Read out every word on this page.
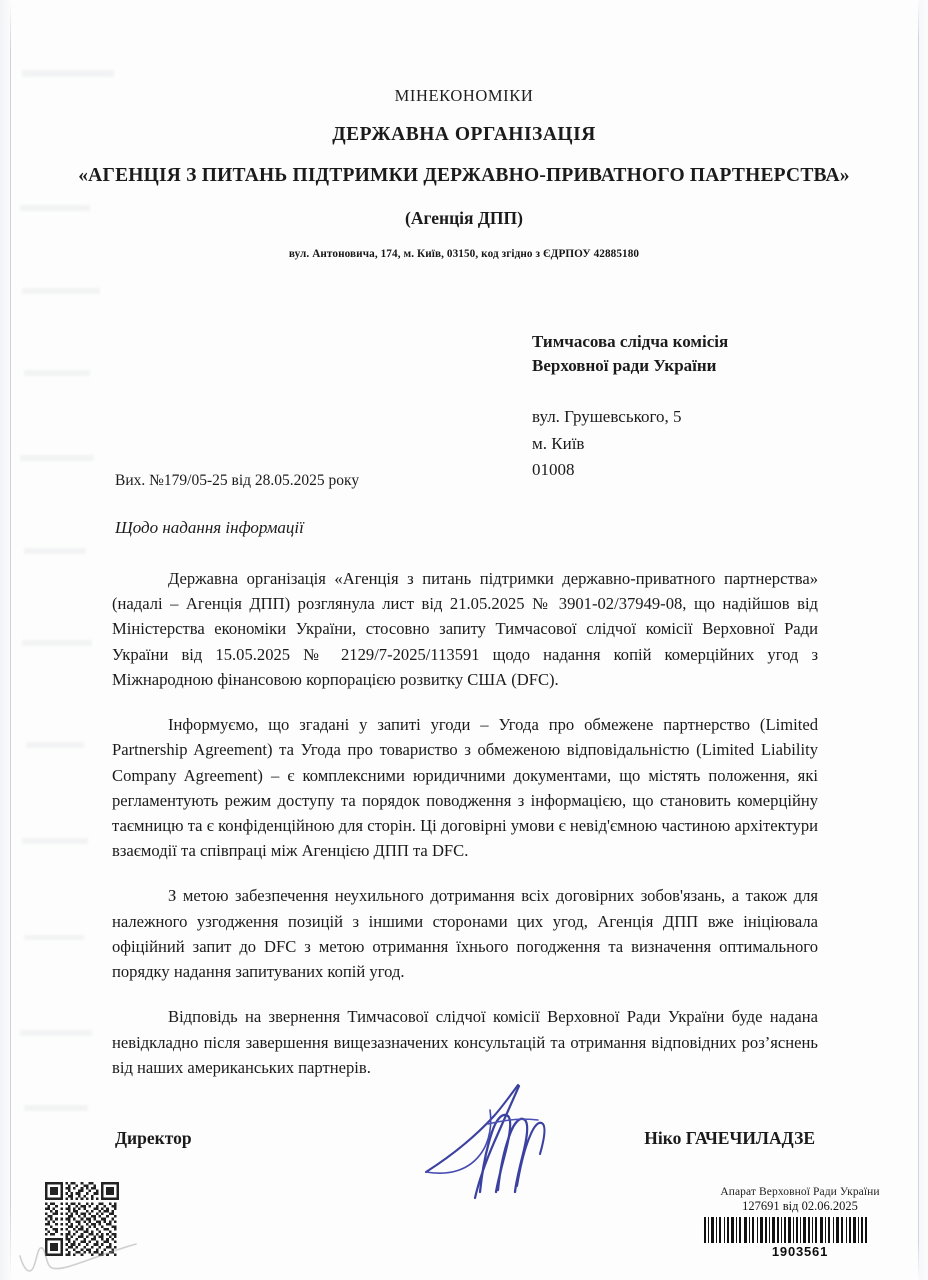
МІНЕКОНОМІКИ
ДЕРЖАВНА ОРГАНІЗАЦІЯ
«АГЕНЦІЯ З ПИТАНЬ ПІДТРИМКИ ДЕРЖАВНО-ПРИВАТНОГО ПАРТНЕРСТВА»
(Агенція ДПП)
вул. Антоновича, 174, м. Київ, 03150, код згідно з ЄДРПОУ 42885180
Тимчасова слідча комісія
Верховної ради України
вул. Грушевського, 5
м. Київ
01008
Вих. №179/05-25 від 28.05.2025 року
Щодо надання інформації

Державна організація «Агенція з питань підтримки державно-приватного партнерства» (надалі – Агенція ДПП) розглянула лист від 21.05.2025 № 3901-02/37949-08, що надійшов від Міністерства економіки України, стосовно запиту Тимчасової слідчої комісії Верховної Ради України від 15.05.2025 № 2129/7-2025/113591 щодо надання копій комерційних угод з Міжнародною фінансовою корпорацією розвитку США (DFC).

Інформуємо, що згадані у запиті угоди – Угода про обмежене партнерство (Limited Partnership Agreement) та Угода про товариство з обмеженою відповідальністю (Limited Liability Company Agreement) – є комплексними юридичними документами, що містять положення, які регламентують режим доступу та порядок поводження з інформацією, що становить комерційну таємницю та є конфіденційною для сторін. Ці договірні умови є невід'ємною частиною архітектури взаємодії та співпраці між Агенцією ДПП та DFC.

З метою забезпечення неухильного дотримання всіх договірних зобов'язань, а також для належного узгодження позицій з іншими сторонами цих угод, Агенція ДПП вже ініціювала офіційний запит до DFC з метою отримання їхнього погодження та визначення оптимального порядку надання запитуваних копій угод.

Відповідь на звернення Тимчасової слідчої комісії Верховної Ради України буде надана невідкладно після завершення вищезазначених консультацій та отримання відповідних роз’яснень від наших американських партнерів.

Директор	Ніко ГАЧЕЧИЛАДЗЕ
Апарат Верховної Ради України
127691 від 02.06.2025
1903561
